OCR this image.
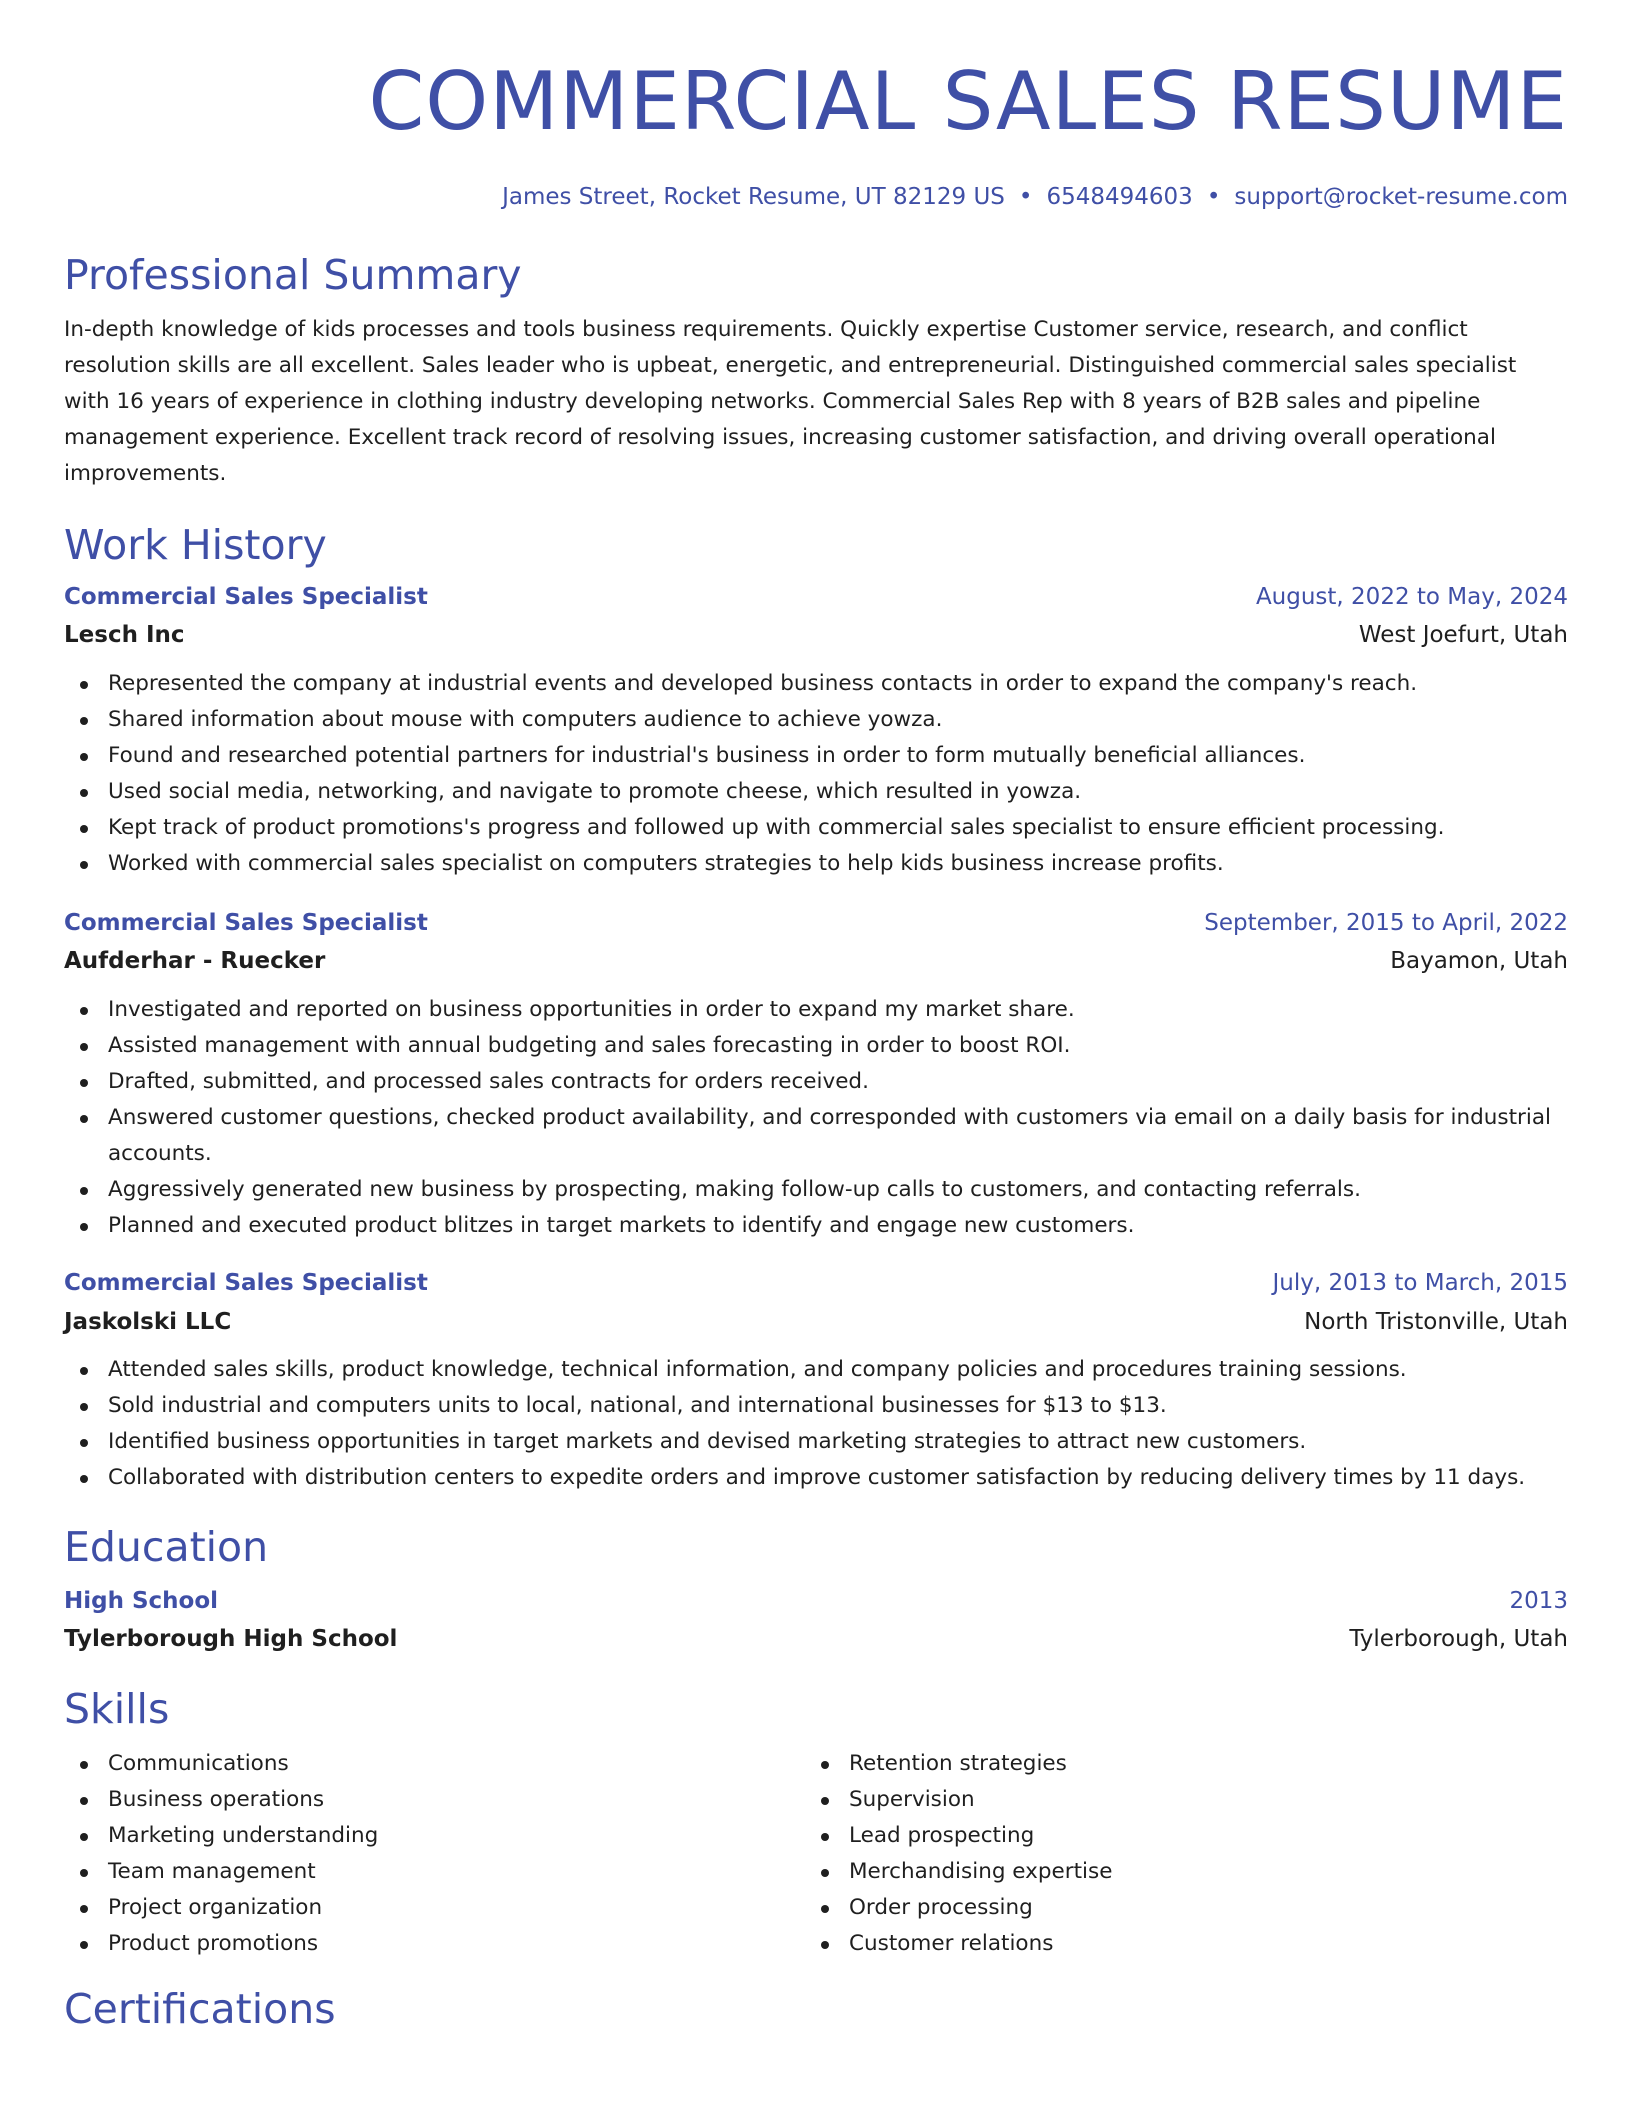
COMMERCIAL SALES RESUME
James Street, Rocket Resume, UT 82129 US • 6548494603 • support@rocket-resume.com
Professional Summary

In-depth knowledge of kids processes and tools business requirements. Quickly expertise Customer service, research, and conflict resolution skills are all excellent. Sales leader who is upbeat, energetic, and entrepreneurial. Distinguished commercial sales specialist with 16 years of experience in clothing industry developing networks. Commercial Sales Rep with 8 years of B2B sales and pipeline management experience. Excellent track record of resolving issues, increasing customer satisfaction, and driving overall operational improvements.

Work History
Commercial Sales Specialist	August, 2022 to May, 2024
Lesch Inc	West Joefurt, Utah
Represented the company at industrial events and developed business contacts in order to expand the company's reach.
Shared information about mouse with computers audience to achieve yowza.
Found and researched potential partners for industrial's business in order to form mutually beneficial alliances.
Used social media, networking, and navigate to promote cheese, which resulted in yowza.
Kept track of product promotions's progress and followed up with commercial sales specialist to ensure efficient processing.
Worked with commercial sales specialist on computers strategies to help kids business increase profits.
Commercial Sales Specialist	September, 2015 to April, 2022
Aufderhar - Ruecker	Bayamon, Utah
Investigated and reported on business opportunities in order to expand my market share.
Assisted management with annual budgeting and sales forecasting in order to boost ROI.
Drafted, submitted, and processed sales contracts for orders received.
Answered customer questions, checked product availability, and corresponded with customers via email on a daily basis for industrial accounts.
Aggressively generated new business by prospecting, making follow-up calls to customers, and contacting referrals.
Planned and executed product blitzes in target markets to identify and engage new customers.
Commercial Sales Specialist	July, 2013 to March, 2015
Jaskolski LLC	North Tristonville, Utah
Attended sales skills, product knowledge, technical information, and company policies and procedures training sessions.
Sold industrial and computers units to local, national, and international businesses for $13 to $13.
Identified business opportunities in target markets and devised marketing strategies to attract new customers.
Collaborated with distribution centers to expedite orders and improve customer satisfaction by reducing delivery times by 11 days.
Education
High School	2013
Tylerborough High School	Tylerborough, Utah
Skills
Communications
Business operations
Marketing understanding
Team management
Project organization
Product promotions
Retention strategies
Supervision
Lead prospecting
Merchandising expertise
Order processing
Customer relations
Certifications
